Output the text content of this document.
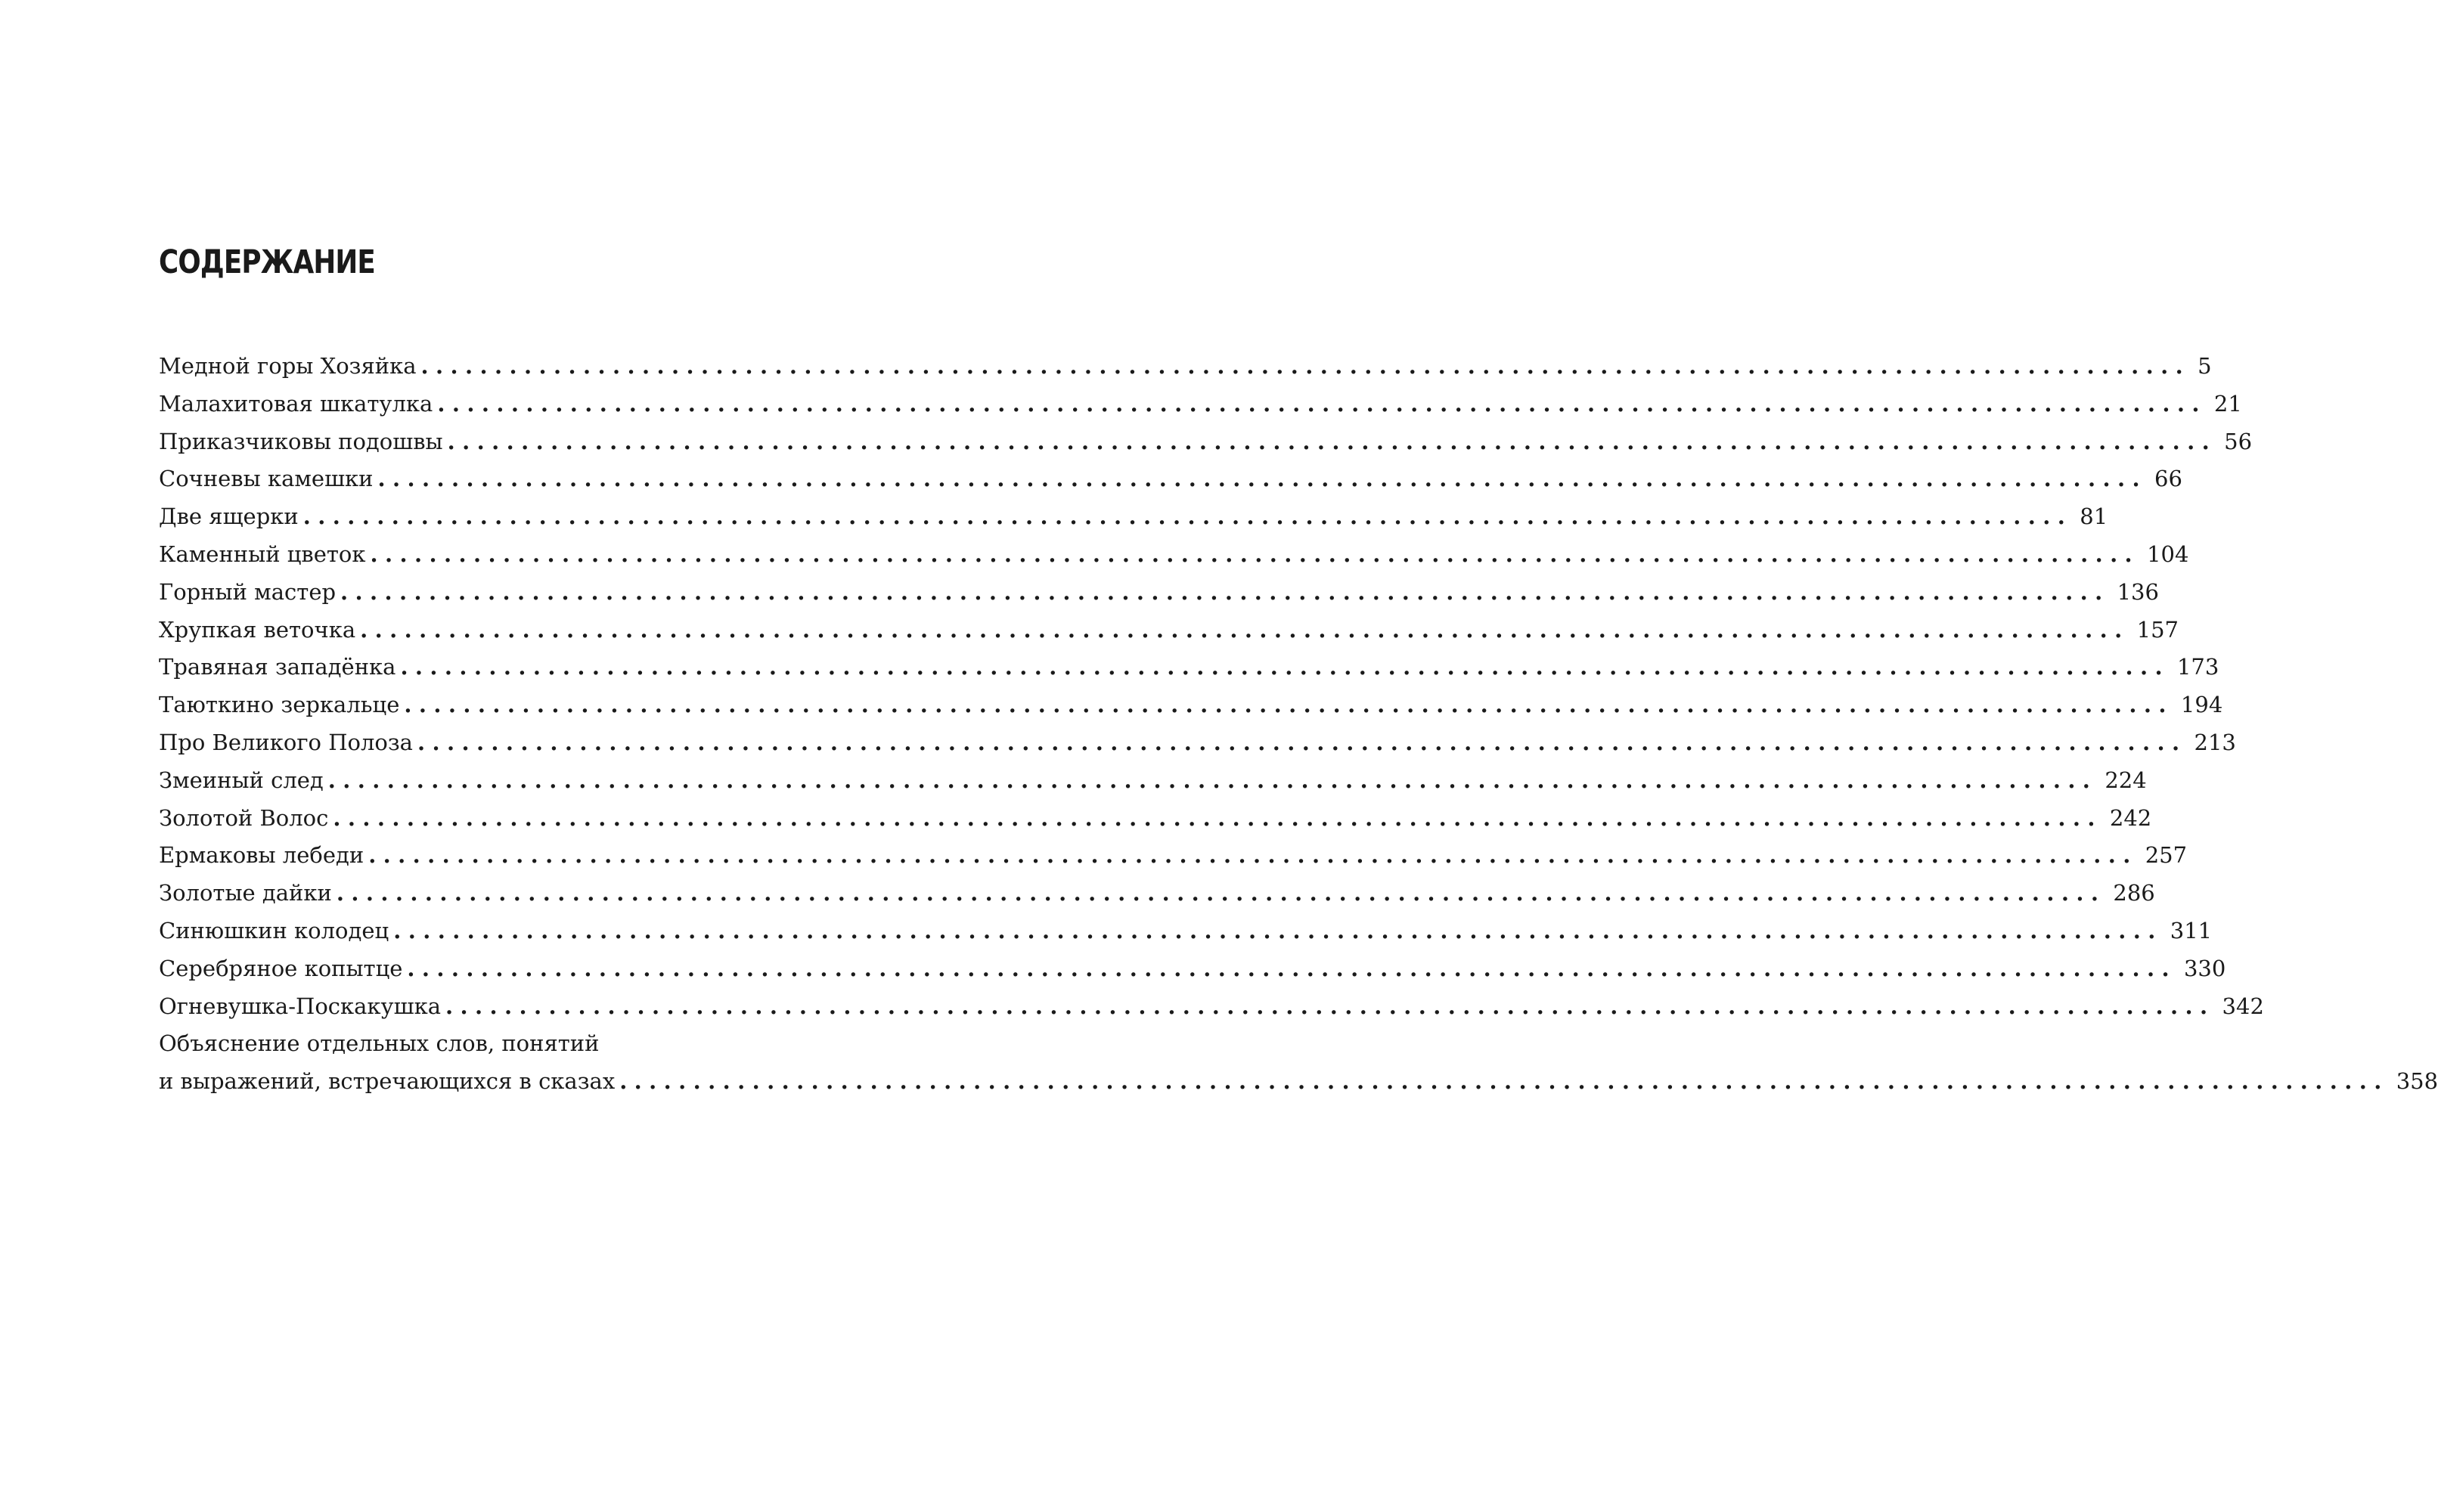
СОДЕРЖАНИЕ
Медной горы Хозяйка ........................................................................................................................ 5
Малахитовая шкатулка ........................................................................................................................ 21
Приказчиковы подошвы ........................................................................................................................ 56
Сочневы камешки ........................................................................................................................ 66
Две ящерки ........................................................................................................................ 81
Каменный цветок ........................................................................................................................ 104
Горный мастер ........................................................................................................................ 136
Хрупкая веточка ........................................................................................................................ 157
Травяная западёнка ........................................................................................................................ 173
Таюткино зеркальце ........................................................................................................................ 194
Про Великого Полоза ........................................................................................................................ 213
Змеиный след ........................................................................................................................ 224
Золотой Волос ........................................................................................................................ 242
Ермаковы лебеди ........................................................................................................................ 257
Золотые дайки ........................................................................................................................ 286
Синюшкин колодец ........................................................................................................................ 311
Серебряное копытце ........................................................................................................................ 330
Огневушка-Поскакушка ........................................................................................................................ 342
Объяснение отдельных слов, понятий
и выражений, встречающихся в сказах ........................................................................................................................ 358
